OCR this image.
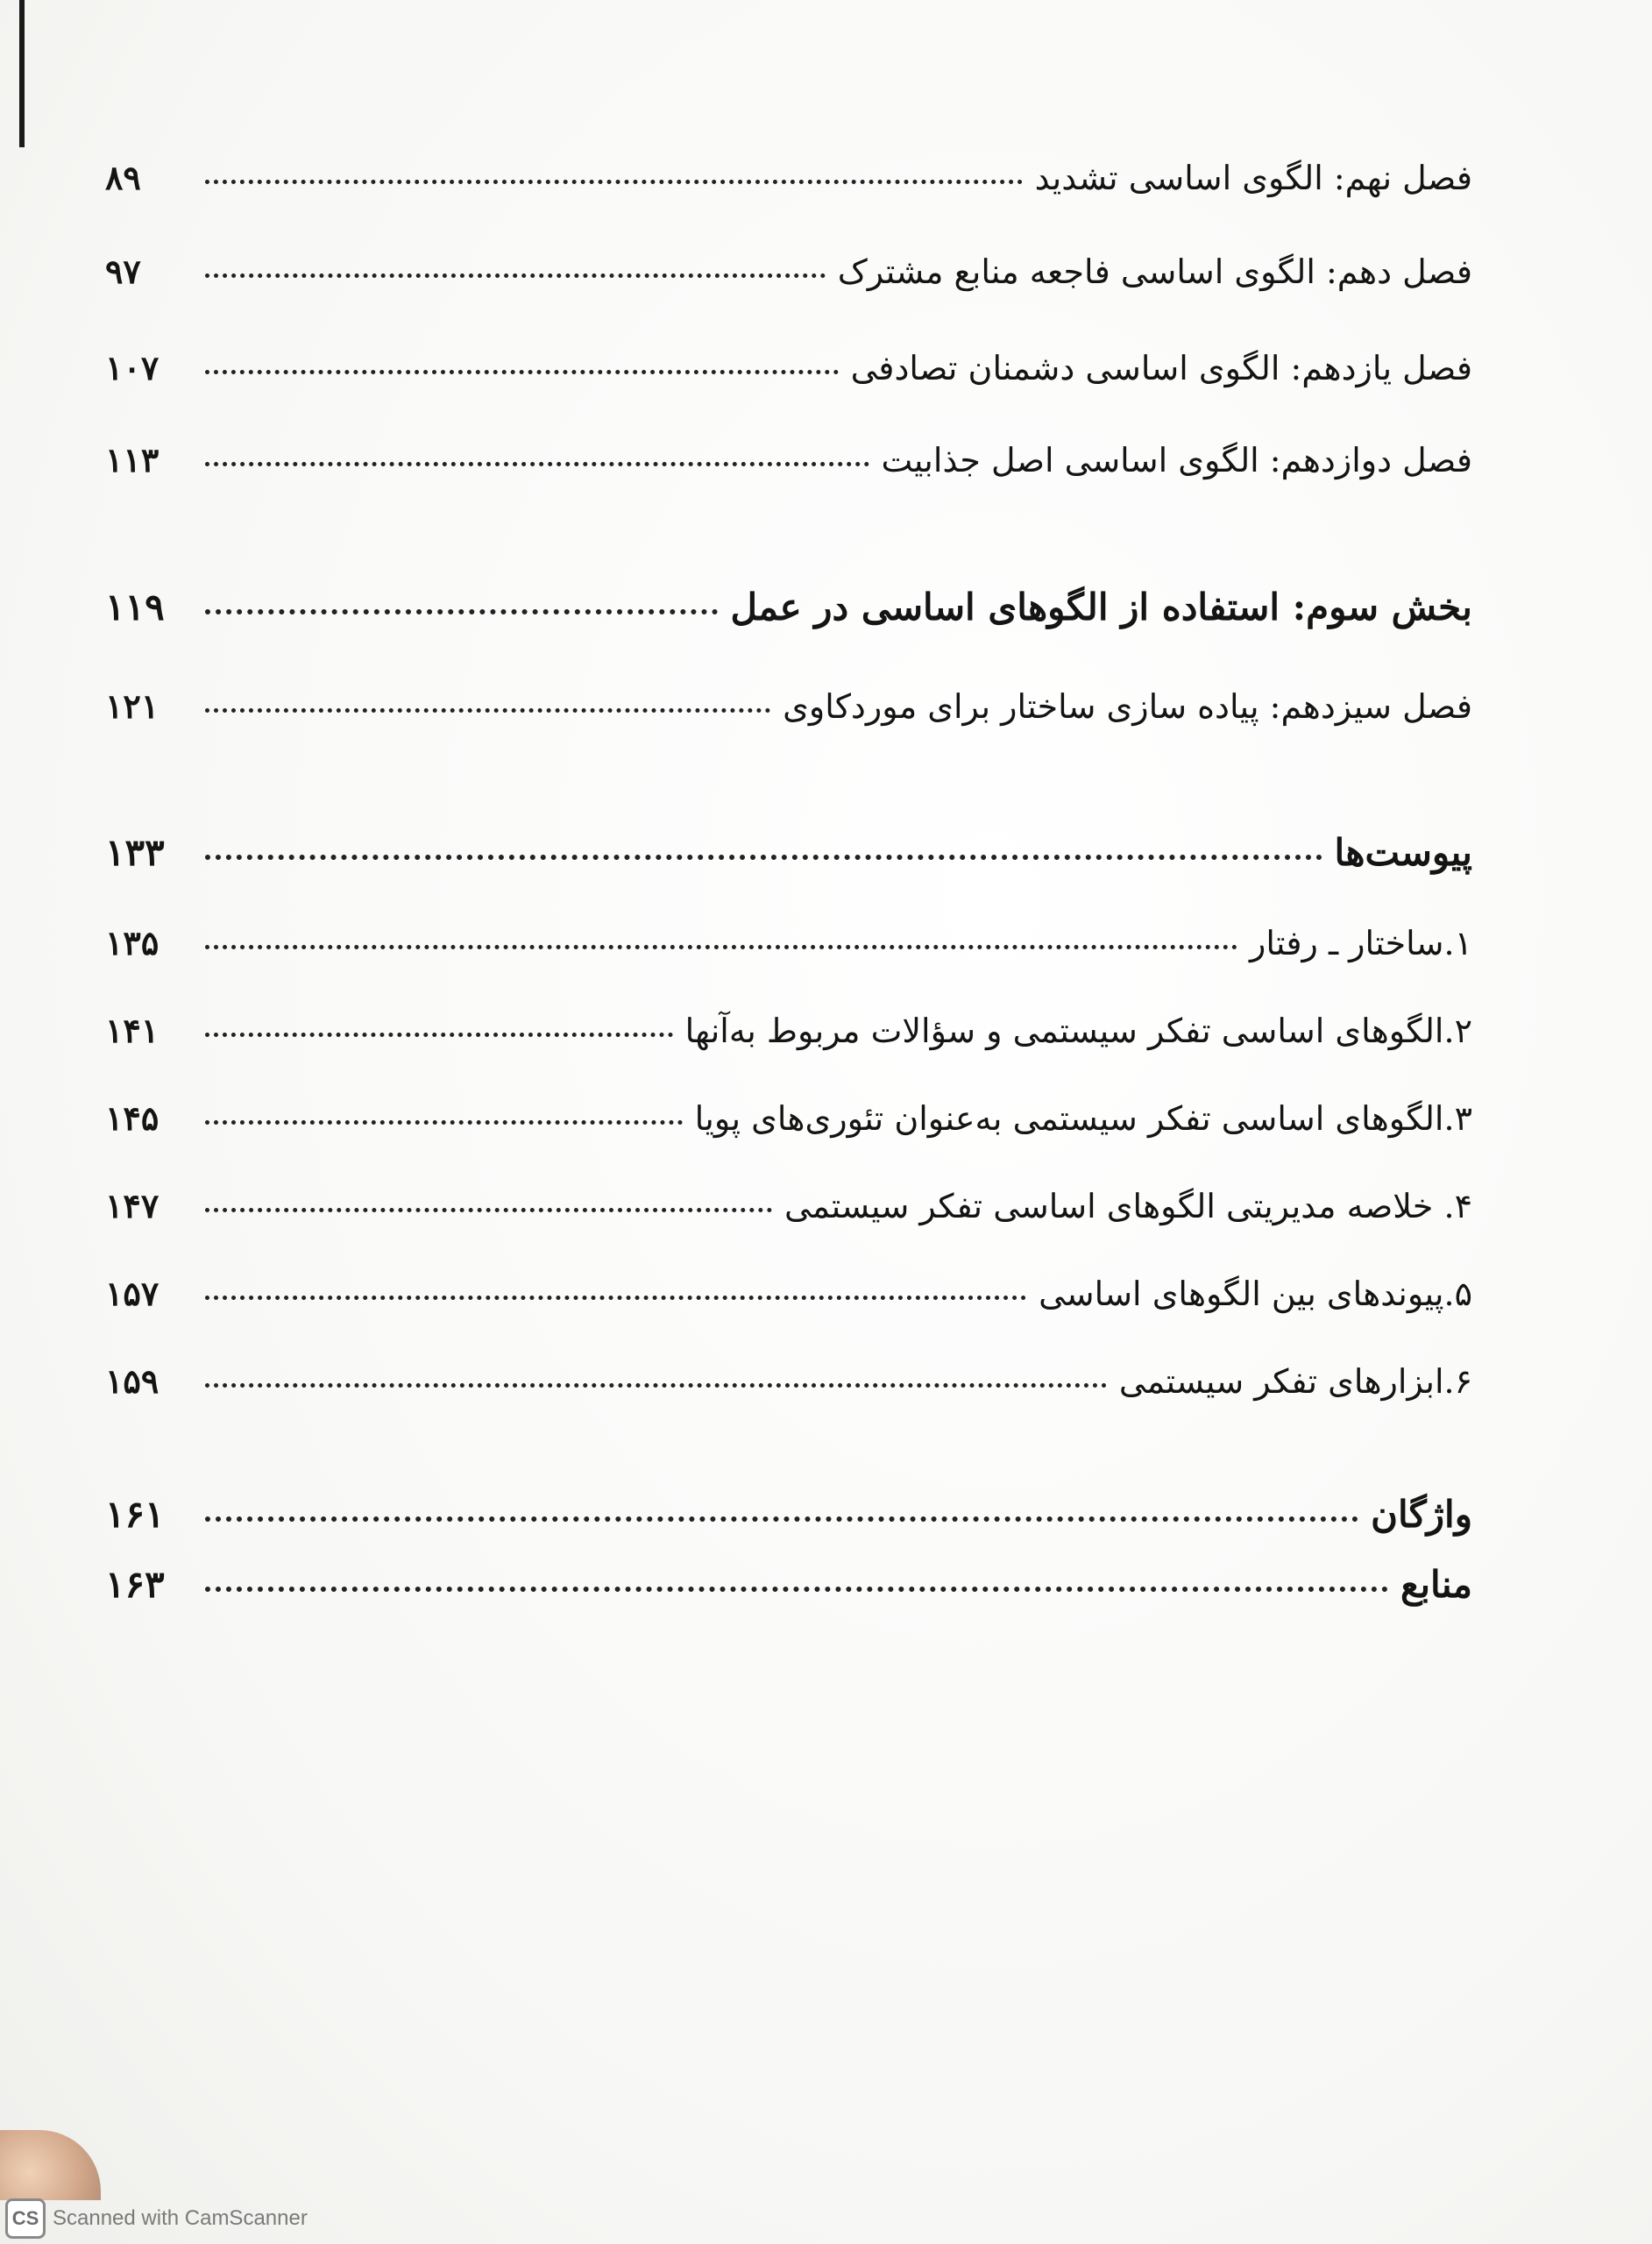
فصل نهم: الگوی اساسی تشدید
۸۹
فصل دهم: الگوی اساسی فاجعه منابع مشترک
۹۷
فصل یازدهم: الگوی اساسی دشمنان تصادفی
۱۰۷
فصل دوازدهم: الگوی اساسی اصل جذابیت
۱۱۳
بخش سوم: استفاده از الگوهای اساسی در عمل
۱۱۹
فصل سیزدهم: پیاده سازی ساختار برای موردکاوی
۱۲۱
پیوست‌ها
۱۳۳
۱.ساختار ـ رفتار
۱۳۵
۲.الگوهای اساسی تفکر سیستمی و سؤالات مربوط به‌آنها
۱۴۱
۳.الگوهای اساسی تفکر سیستمی به‌عنوان تئوری‌های پویا
۱۴۵
۴. خلاصه مدیریتی الگوهای اساسی تفکر سیستمی
۱۴۷
۵.پیوندهای بین الگوهای اساسی
۱۵۷
۶.ابزارهای تفکر سیستمی
۱۵۹
واژگان
۱۶۱
منابع
۱۶۳
CS Scanned with CamScanner
